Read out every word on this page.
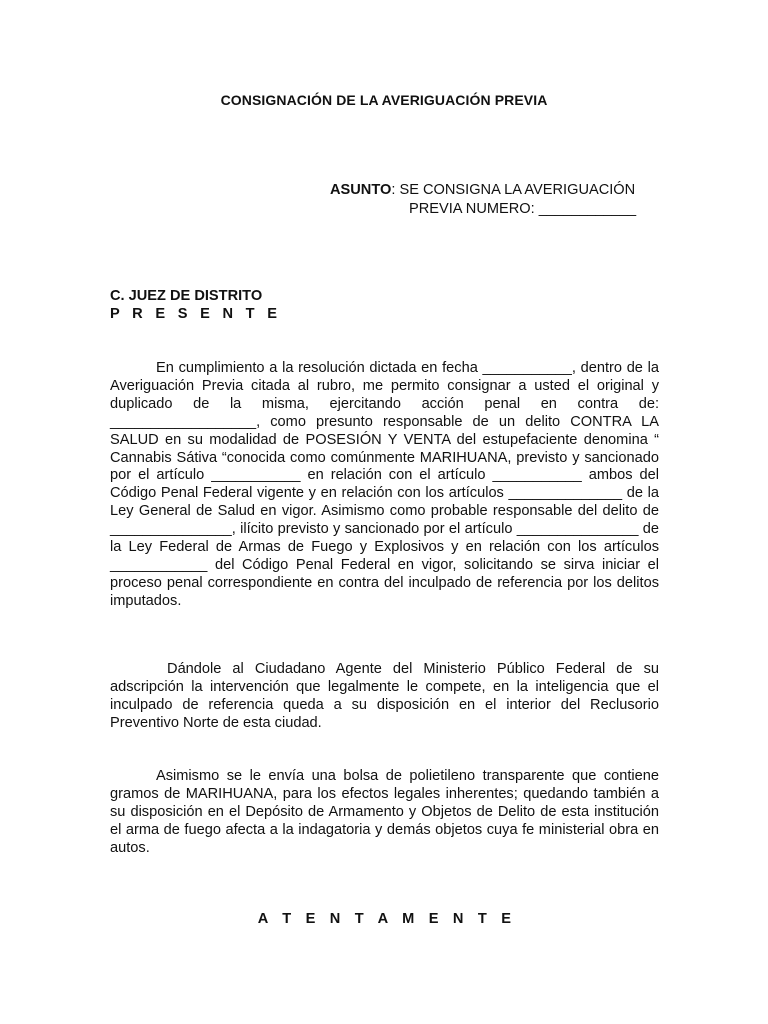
CONSIGNACIÓN DE LA AVERIGUACIÓN PREVIA
ASUNTO: SE CONSIGNA LA AVERIGUACIÓN
PREVIA NUMERO: ____________
C. JUEZ DE DISTRITO
P R E S E N T E

En cumplimiento a la resolución dictada en fecha ___________, dentro de la Averiguación Previa citada al rubro, me permito consignar a usted el original y duplicado de la misma, ejercitando acción penal en contra de: __________________, como presunto responsable de un delito CONTRA LA SALUD en su modalidad de POSESIÓN Y VENTA del estupefaciente denomina “ Cannabis Sátiva “conocida como comúnmente MARIHUANA, previsto y sancionado por el artículo ___________ en relación con el artículo ___________ ambos del Código Penal Federal vigente y en relación con los artículos ______________ de la Ley General de Salud en vigor. Asimismo como probable responsable del delito de _______________, ilícito previsto y sancionado por el artículo _______________ de la Ley Federal de Armas de Fuego y Explosivos y en relación con los artículos ____________ del Código Penal Federal en vigor, solicitando se sirva iniciar el proceso penal correspondiente en contra del inculpado de referencia por los delitos imputados.

Dándole al Ciudadano Agente del Ministerio Público Federal de su adscripción la intervención que legalmente le compete, en la inteligencia que el inculpado de referencia queda a su disposición en el interior del Reclusorio Preventivo Norte de esta ciudad.

Asimismo se le envía una bolsa de polietileno transparente que contiene gramos de MARIHUANA, para los efectos legales inherentes; quedando también a su disposición en el Depósito de Armamento y Objetos de Delito de esta institución el arma de fuego afecta a la indagatoria y demás objetos cuya fe ministerial obra en autos.

A T E N T A M E N T E
